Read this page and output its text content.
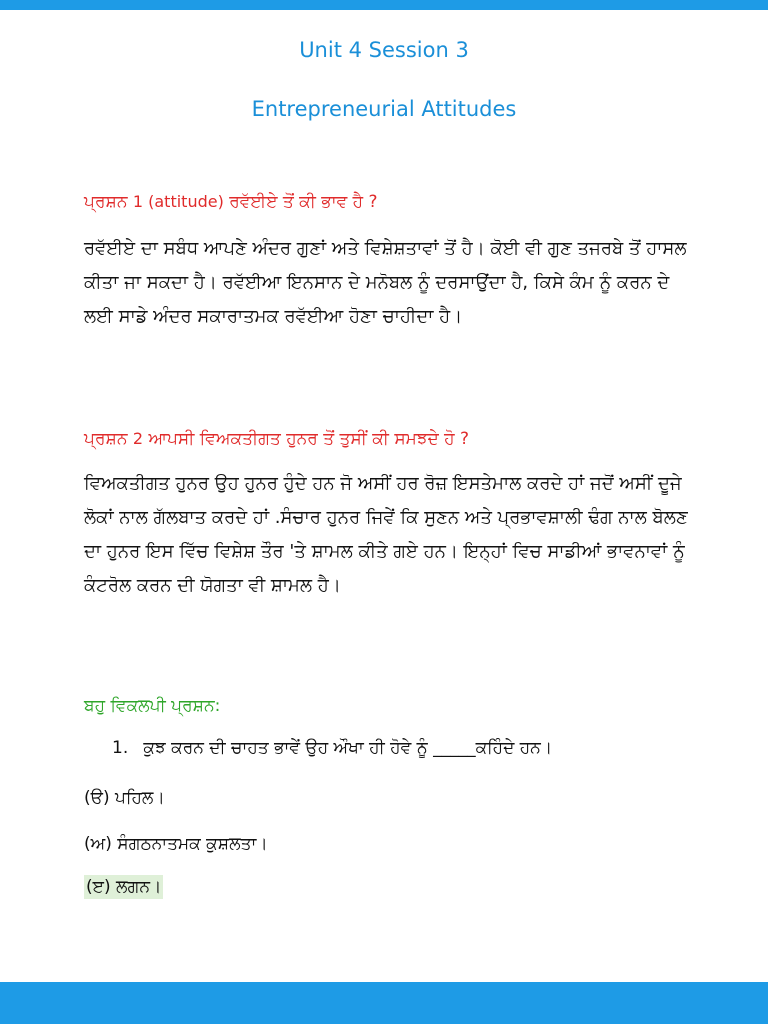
Unit 4 Session 3
Entrepreneurial Attitudes
ਪ੍ਰਸ਼ਨ 1 (attitude) ਰਵੱਈਏ ਤੋਂ ਕੀ ਭਾਵ ਹੈ ?
ਰਵੱਈਏ ਦਾ ਸਬੰਧ ਆਪਣੇ ਅੰਦਰ ਗੁਣਾਂ ਅਤੇ ਵਿਸ਼ੇਸ਼ਤਾਵਾਂ ਤੋਂ ਹੈ। ਕੋਈ ਵੀ ਗੁਣ ਤਜਰਬੇ ਤੋਂ ਹਾਸਲ ਕੀਤਾ ਜਾ ਸਕਦਾ ਹੈ। ਰਵੱਈਆ ਇਨਸਾਨ ਦੇ ਮਨੋਬਲ ਨੂੰ ਦਰਸਾਉਂਦਾ ਹੈ, ਕਿਸੇ ਕੰਮ ਨੂੰ ਕਰਨ ਦੇ ਲਈ ਸਾਡੇ ਅੰਦਰ ਸਕਾਰਾਤਮਕ ਰਵੱਈਆ ਹੋਣਾ ਚਾਹੀਦਾ ਹੈ।
ਪ੍ਰਸ਼ਨ 2 ਆਪਸੀ ਵਿਅਕਤੀਗਤ ਹੁਨਰ ਤੋਂ ਤੁਸੀਂ ਕੀ ਸਮਝਦੇ ਹੋ ?
ਵਿਅਕਤੀਗਤ ਹੁਨਰ ਉਹ ਹੁਨਰ ਹੁੰਦੇ ਹਨ ਜੋ ਅਸੀਂ ਹਰ ਰੋਜ਼ ਇਸਤੇਮਾਲ ਕਰਦੇ ਹਾਂ ਜਦੋਂ ਅਸੀਂ ਦੂਜੇ ਲੋਕਾਂ ਨਾਲ ਗੱਲਬਾਤ ਕਰਦੇ ਹਾਂ .ਸੰਚਾਰ ਹੁਨਰ ਜਿਵੇਂ ਕਿ ਸੁਣਨ ਅਤੇ ਪ੍ਰਭਾਵਸ਼ਾਲੀ ਢੰਗ ਨਾਲ ਬੋਲਣ ਦਾ ਹੁਨਰ ਇਸ ਵਿੱਚ ਵਿਸ਼ੇਸ਼ ਤੌਰ 'ਤੇ ਸ਼ਾਮਲ ਕੀਤੇ ਗਏ ਹਨ। ਇਨ੍ਹਾਂ ਵਿਚ ਸਾਡੀਆਂ ਭਾਵਨਾਵਾਂ ਨੂੰ ਕੰਟਰੋਲ ਕਰਨ ਦੀ ਯੋਗਤਾ ਵੀ ਸ਼ਾਮਲ ਹੈ।
ਬਹੁ ਵਿਕਲਪੀ ਪ੍ਰਸ਼ਨ:
1. ਕੁਝ ਕਰਨ ਦੀ ਚਾਹਤ ਭਾਵੇਂ ਉਹ ਔਖਾ ਹੀ ਹੋਵੇ ਨੂੰ _____ਕਹਿੰਦੇ ਹਨ।
(ੳ) ਪਹਿਲ।
(ਅ) ਸੰਗਠਨਾਤਮਕ ਕੁਸ਼ਲਤਾ।
(ੲ) ਲਗਨ।
